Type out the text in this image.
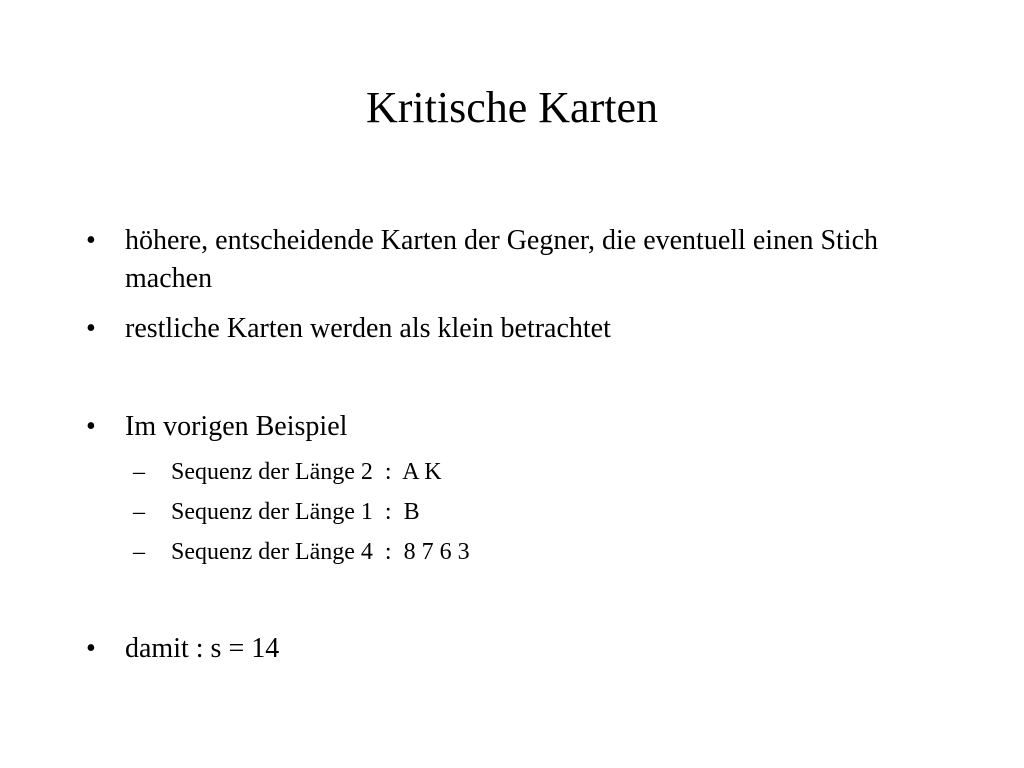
Kritische Karten
•	höhere, entscheidende Karten der Gegner, die eventuell einen Stich machen
•	restliche Karten werden als klein betrachtet
•	Im vorigen Beispiel

–

Sequenz der Länge 2  :  A K

–

Sequenz der Länge 1  :  B

–

Sequenz der Länge 4  :  8 7 6 3

•	damit : s = 14
